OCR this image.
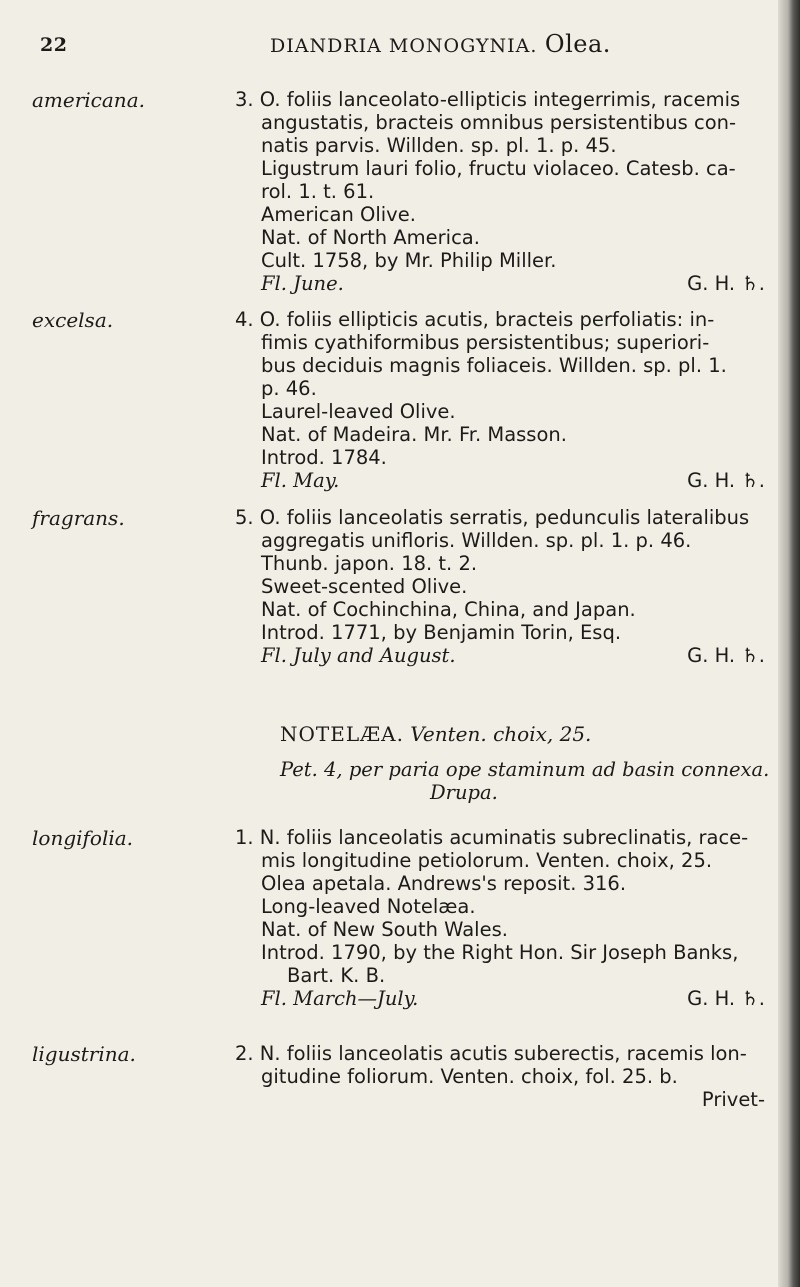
22	DIANDRIA MONOGYNIA. Olea.
americana.	3. O. foliis lanceolato-ellipticis integerrimis, racemis
angustatis, bracteis omnibus persistentibus con-
natis parvis. Willden. sp. pl. 1. p. 45.
Ligustrum lauri folio, fructu violaceo. Catesb. ca-
rol. 1. t. 61.
American Olive.
Nat. of North America.
Cult. 1758, by Mr. Philip Miller.
Fl. June.	G. H. ♄.
excelsa.	4. O. foliis ellipticis acutis, bracteis perfoliatis: in-
fimis cyathiformibus persistentibus; superiori-
bus deciduis magnis foliaceis. Willden. sp. pl. 1.
p. 46.
Laurel-leaved Olive.
Nat. of Madeira. Mr. Fr. Masson.
Introd. 1784.
Fl. May.	G. H. ♄.
fragrans.	5. O. foliis lanceolatis serratis, pedunculis lateralibus
aggregatis unifloris. Willden. sp. pl. 1. p. 46.
Thunb. japon. 18. t. 2.
Sweet-scented Olive.
Nat. of Cochinchina, China, and Japan.
Introd. 1771, by Benjamin Torin, Esq.
Fl. July and August.	G. H. ♄.
NOTELÆA. Venten. choix, 25.
Pet. 4, per paria ope staminum ad basin connexa.
Drupa.
longifolia.	1. N. foliis lanceolatis acuminatis subreclinatis, race-
mis longitudine petiolorum. Venten. choix, 25.
Olea apetala. Andrews's reposit. 316.
Long-leaved Notelæa.
Nat. of New South Wales.
Introd. 1790, by the Right Hon. Sir Joseph Banks,
Bart. K. B.
Fl. March—July.	G. H. ♄.
ligustrina.	2. N. foliis lanceolatis acutis suberectis, racemis lon-
gitudine foliorum. Venten. choix, fol. 25. b.
Privet-
